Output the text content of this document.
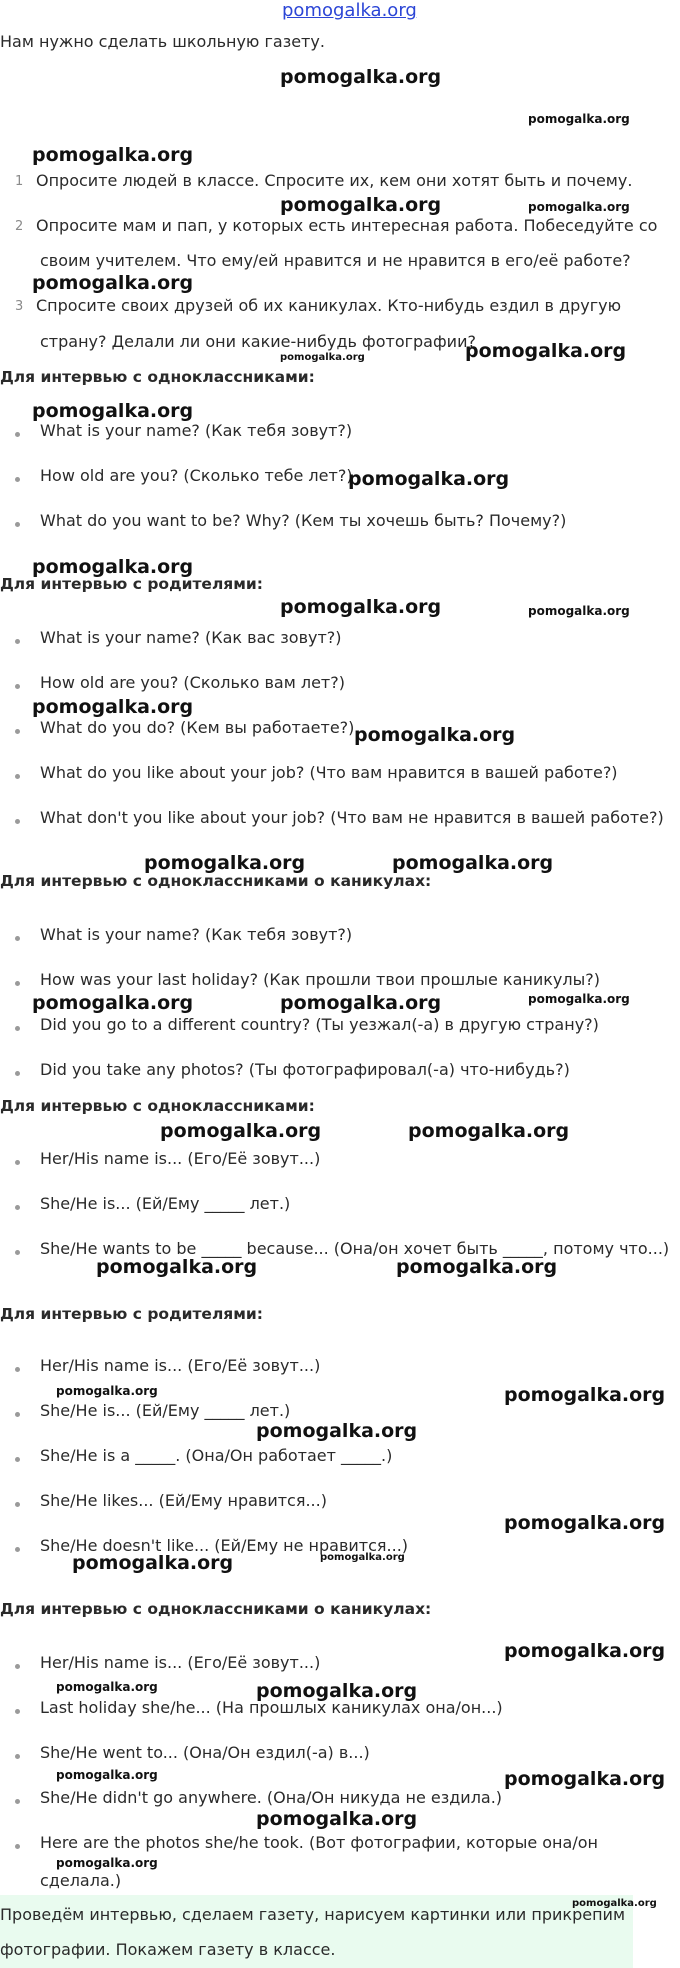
pomogalka.org
Нам нужно сделать школьную газету.
1 Опросите людей в классе. Спросите их, кем они хотят быть и почему.
2 Опросите мам и пап, у которых есть интересная работа. Побеседуйте со
своим учителем. Что ему/ей нравится и не нравится в его/её работе?
3 Спросите своих друзей об их каникулах. Кто-нибудь ездил в другую
страну? Делали ли они какие-нибудь фотографии?
Для интервью с одноклассниками:
What is your name? (Как тебя зовут?)
How old are you? (Сколько тебе лет?)
What do you want to be? Why? (Кем ты хочешь быть? Почему?)
Для интервью с родителями:
What is your name? (Как вас зовут?)
How old are you? (Сколько вам лет?)
What do you do? (Кем вы работаете?)
What do you like about your job? (Что вам нравится в вашей работе?)
What don't you like about your job? (Что вам не нравится в вашей работе?)
Для интервью с одноклассниками о каникулах:
What is your name? (Как тебя зовут?)
How was your last holiday? (Как прошли твои прошлые каникулы?)
Did you go to a different country? (Ты уезжал(-а) в другую страну?)
Did you take any photos? (Ты фотографировал(-а) что-нибудь?)
Для интервью с одноклассниками:
Her/His name is... (Его/Её зовут...)
She/He is... (Ей/Ему _____ лет.)
She/He wants to be _____ because... (Она/он хочет быть _____, потому что...)
Для интервью с родителями:
Her/His name is... (Его/Её зовут...)
She/He is... (Ей/Ему _____ лет.)
She/He is a _____. (Она/Он работает _____.)
She/He likes... (Ей/Ему нравится...)
She/He doesn't like... (Ей/Ему не нравится...)
Для интервью с одноклассниками о каникулах:
Her/His name is... (Его/Её зовут...)
Last holiday she/he... (На прошлых каникулах она/он...)
She/He went to... (Она/Он ездил(-а) в...)
She/He didn't go anywhere. (Она/Он никуда не ездила.)
Here are the photos she/he took. (Вот фотографии, которые она/он
сделала.)
Проведём интервью, сделаем газету, нарисуем картинки или прикрепим
фотографии. Покажем газету в классе.
pomogalka.org
pomogalka.org
pomogalka.org
pomogalka.org	pomogalka.org
pomogalka.org
pomogalka.org
pomogalka.org
pomogalka.org
pomogalka.org
pomogalka.org
pomogalka.org	pomogalka.org
pomogalka.org
pomogalka.org
pomogalka.org	pomogalka.org
pomogalka.org	pomogalka.org	pomogalka.org
pomogalka.org	pomogalka.org
pomogalka.org	pomogalka.org
pomogalka.org	pomogalka.org
pomogalka.org
pomogalka.org
pomogalka.org	pomogalka.org
pomogalka.org
pomogalka.org	pomogalka.org
pomogalka.org	pomogalka.org
pomogalka.org
pomogalka.org
pomogalka.org
